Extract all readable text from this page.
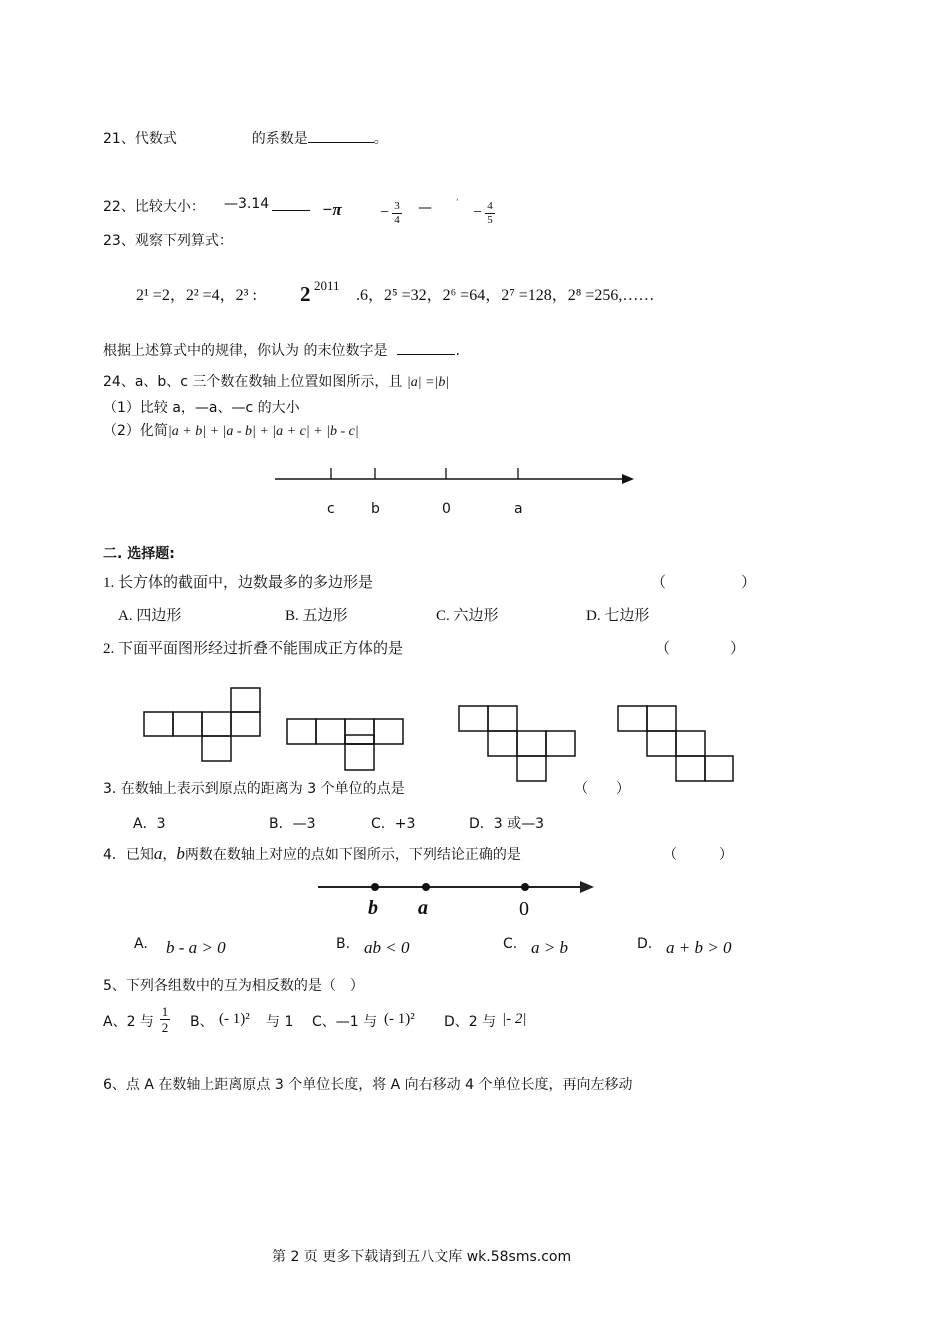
21、代数式	的系数是	。
22、比较大小： —3.14	$-\pi - \frac{3}{4}$ —	‘
− $\frac{4}{5}$
23、观察下列算式：
2¹ =2，2² =4，2³ : 2 2011
.6，2⁵ =32，2⁶ =64，2⁷ =128，2⁸ =256,……
根据上述算式中的规律，你认为 的末位数字是	.
24、a、b、c 三个数在数轴上位置如图所示，且 |a| =|b|
（1）比较 a，—a、—c 的大小
（2）化简|a + b| + |a - b| + |a + c| + |b - c|
c	b	0	a
二. 选择题:
1. 长方体的截面中，边数最多的多边形是	（　　　　　）
A. 四边形	B. 五边形	C. 六边形	D. 七边形
2. 下面平面图形经过折叠不能围成正方体的是	（　　　　）
3. 在数轴上表示到原点的距离为 3 个单位的点是	（　　）
A．3	B．—3	C．+3	D．3 或—3
4．已知a，b两数在数轴上对应的点如下图所示，下列结论正确的是	（　　　）
b a	0
A. b - a > 0	B. ab < 0	C. a > b	D. a + b > 0
5、下列各组数中的互为相反数的是（　）
A、2 与 $\frac{1}{2}$ B、 (- 1)² 与 1 C、—1 与 (- 1)² D、2 与 |- 2|
6、点 A 在数轴上距离原点 3 个单位长度，将 A 向右移动 4 个单位长度，再向左移动
第 2 页 更多下载请到五八文库 wk.58sms.com
